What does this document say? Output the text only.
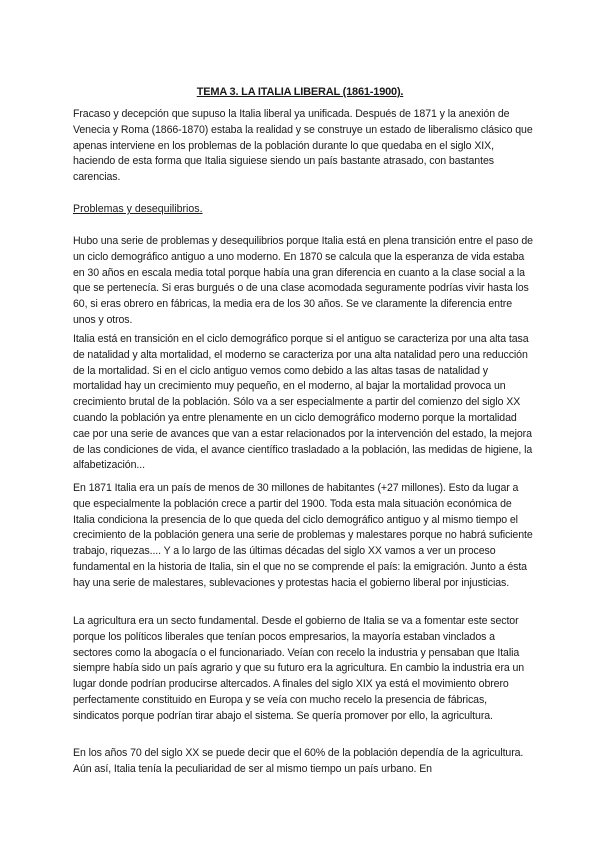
TEMA 3. LA ITALIA LIBERAL (1861-1900).

Fracaso y decepción que supuso la Italia liberal ya unificada. Después de 1871 y la anexión de Venecia y Roma (1866-1870) estaba la realidad y se construye un estado de liberalismo clásico que apenas interviene en los problemas de la población durante lo que quedaba en el siglo XIX, haciendo de esta forma que Italia siguiese siendo un país bastante atrasado, con bastantes carencias.

Problemas y desequilibrios.

Hubo una serie de problemas y desequilibrios porque Italia está en plena transición entre el paso de un ciclo demográfico antiguo a uno moderno. En 1870 se calcula que la esperanza de vida estaba en 30 años en escala media total porque había una gran diferencia en cuanto a la clase social a la que se pertenecía. Si eras burgués o de una clase acomodada seguramente podrías vivir hasta los 60, si eras obrero en fábricas, la media era de los 30 años. Se ve claramente la diferencia entre unos y otros.

Italia está en transición en el ciclo demográfico porque si el antiguo se caracteriza por una alta tasa de natalidad y alta mortalidad, el moderno se caracteriza por una alta natalidad pero una reducción de la mortalidad. Si en el ciclo antiguo vemos como debido a las altas tasas de natalidad y mortalidad hay un crecimiento muy pequeño, en el moderno, al bajar la mortalidad provoca un crecimiento brutal de la población. Sólo va a ser especialmente a partir del comienzo del siglo XX cuando la población ya entre plenamente en un ciclo demográfico moderno porque la mortalidad cae por una serie de avances que van a estar relacionados por la intervención del estado, la mejora de las condiciones de vida, el avance científico trasladado a la población, las medidas de higiene, la alfabetización...

En 1871 Italia era un país de menos de 30 millones de habitantes (+27 millones). Esto da lugar a que especialmente la población crece a partir del 1900. Toda esta mala situación económica de Italia condiciona la presencia de lo que queda del ciclo demográfico antiguo y al mismo tiempo el crecimiento de la población genera una serie de problemas y malestares porque no habrá suficiente trabajo, riquezas.... Y a lo largo de las últimas décadas del siglo XX vamos a ver un proceso fundamental en la historia de Italia, sin el que no se comprende el país: la emigración. Junto a ésta hay una serie de malestares, sublevaciones y protestas hacia el gobierno liberal por injusticias.

La agricultura era un secto fundamental. Desde el gobierno de Italia se va a fomentar este sector porque los políticos liberales que tenían pocos empresarios, la mayoría estaban vinclados a sectores como la abogacía o el funcionariado. Veían con recelo la industria y pensaban que Italia siempre había sido un país agrario y que su futuro era la agricultura. En cambio la industria era un lugar donde podrían producirse altercados. A finales del siglo XIX ya está el movimiento obrero perfectamente constituido en Europa y se veía con mucho recelo la presencia de fábricas, sindicatos porque podrían tirar abajo el sistema. Se quería promover por ello, la agricultura.

En los años 70 del siglo XX se puede decir que el 60% de la población dependía de la agricultura. Aún así, Italia tenía la peculiaridad de ser al mismo tiempo un país urbano. En
